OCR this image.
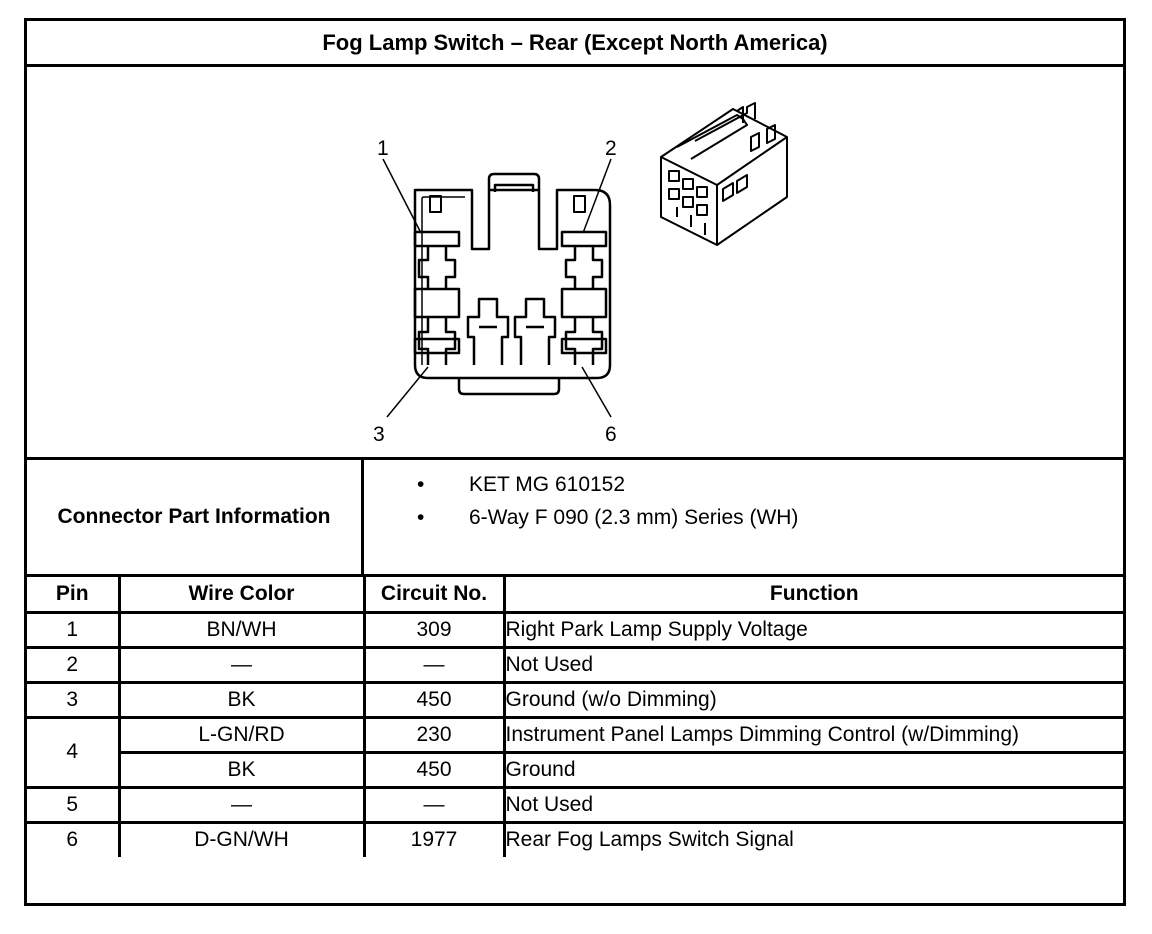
Fog Lamp Switch – Rear (Except North America)
1	2
3	6
Connector Part Information
• KET MG 610152
• 6-Way F 090 (2.3 mm) Series (WH)
Pin	Wire Color	Circuit No.	Function
1	BN/WH	309	Right Park Lamp Supply Voltage
2	—	—	Not Used
3	BK	450	Ground (w/o Dimming)
4	L-GN/RD	230	Instrument Panel Lamps Dimming Control (w/Dimming)
	BK	450	Ground
5	—	—	Not Used
6	D-GN/WH	1977	Rear Fog Lamps Switch Signal
